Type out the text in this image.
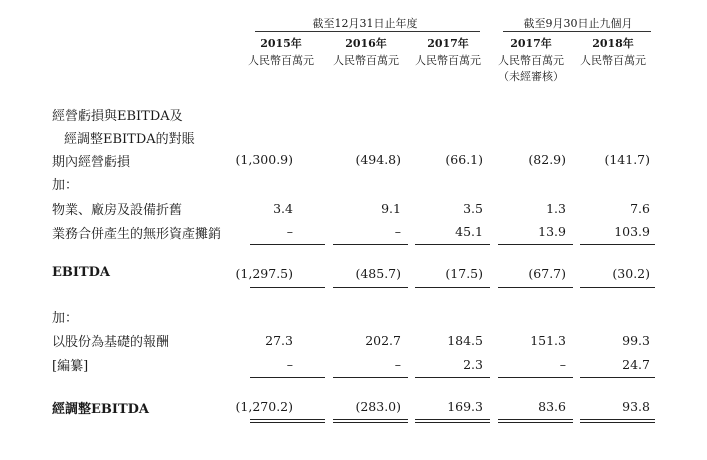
截至12月31日止年度	截至9月30日止九個月
2015年	2016年	2017年	2017年	2018年
人民幣百萬元	人民幣百萬元	人民幣百萬元	人民幣百萬元	人民幣百萬元
（未經審核）
經營虧損與EBITDA及
經調整EBITDA的對賬
期內經營虧損	(1,300.9)	(494.8)	(66.1)	(82.9)	(141.7)
加：
物業、廠房及設備折舊	3.4	9.1	3.5	1.3	7.6
業務合併產生的無形資產攤銷	–	–	45.1	13.9	103.9
EBITDA	(1,297.5)	(485.7)	(17.5)	(67.7)	(30.2)
加：
以股份為基礎的報酬	27.3	202.7	184.5	151.3	99.3
[編纂]	–	–	2.3	–	24.7
經調整EBITDA	(1,270.2)	(283.0)	169.3	83.6	93.8
